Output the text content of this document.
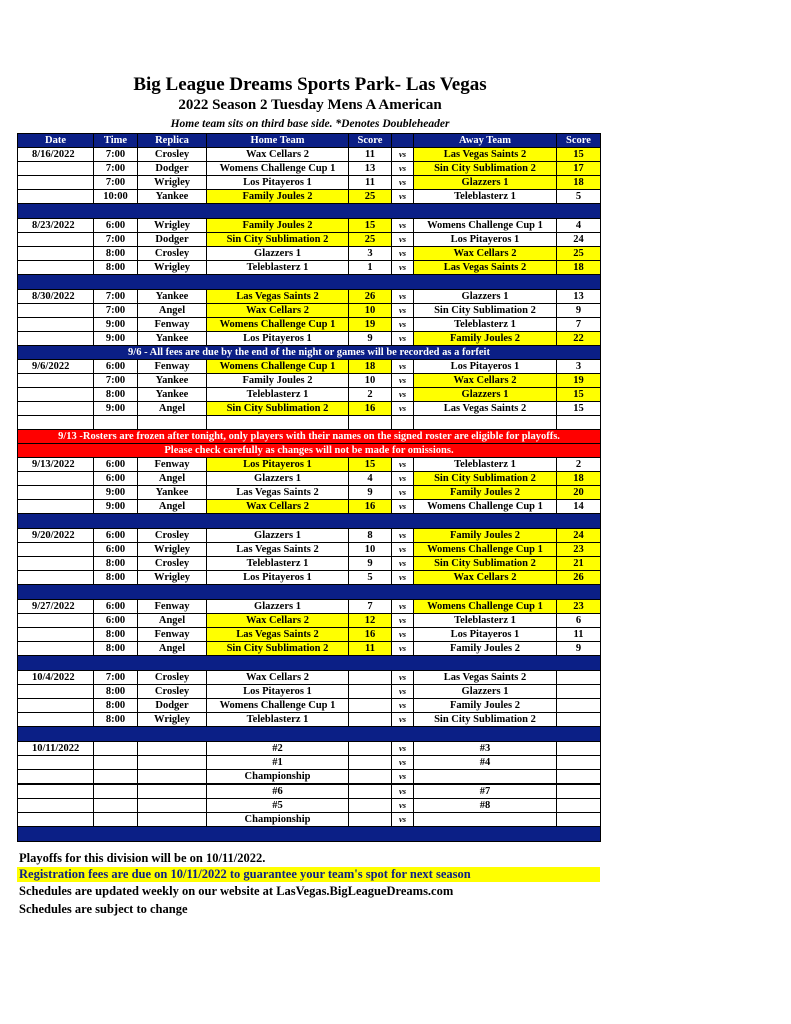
Big League Dreams Sports Park- Las Vegas
2022 Season 2 Tuesday Mens A American
Home team sits on third base side. *Denotes Doubleheader
Date	Time	Replica	Home Team	Score		Away Team	Score
8/16/2022	7:00	Crosley	Wax Cellars 2	11	vs	Las Vegas Saints 2	15
	7:00	Dodger	Womens Challenge Cup 1	13	vs	Sin City Sublimation 2	17
	7:00	Wrigley	Los Pitayeros 1	11	vs	Glazzers 1	18
	10:00	Yankee	Family Joules 2	25	vs	Teleblasterz 1	5

8/23/2022	6:00	Wrigley	Family Joules 2	15	vs	Womens Challenge Cup 1	4
	7:00	Dodger	Sin City Sublimation 2	25	vs	Los Pitayeros 1	24
	8:00	Crosley	Glazzers 1	3	vs	Wax Cellars 2	25
	8:00	Wrigley	Teleblasterz 1	1	vs	Las Vegas Saints 2	18

8/30/2022	7:00	Yankee	Las Vegas Saints 2	26	vs	Glazzers 1	13
	7:00	Angel	Wax Cellars 2	10	vs	Sin City Sublimation 2	9
	9:00	Fenway	Womens Challenge Cup 1	19	vs	Teleblasterz 1	7
	9:00	Yankee	Los Pitayeros 1	9	vs	Family Joules 2	22
9/6 - All fees are due by the end of the night or games will be recorded as a forfeit							
9/6/2022	6:00	Fenway	Womens Challenge Cup 1	18	vs	Los Pitayeros 1	3
	7:00	Yankee	Family Joules 2	10	vs	Wax Cellars 2	19
	8:00	Yankee	Teleblasterz 1	2	vs	Glazzers 1	15
	9:00	Angel	Sin City Sublimation 2	16	vs	Las Vegas Saints 2	15

9/13 -Rosters are frozen after tonight, only players with their names on the signed roster are eligible for playoffs.							
Please check carefully as changes will not be made for omissions.							
9/13/2022	6:00	Fenway	Los Pitayeros 1	15	vs	Teleblasterz 1	2
	6:00	Angel	Glazzers 1	4	vs	Sin City Sublimation 2	18
	9:00	Yankee	Las Vegas Saints 2	9	vs	Family Joules 2	20
	9:00	Angel	Wax Cellars 2	16	vs	Womens Challenge Cup 1	14

9/20/2022	6:00	Crosley	Glazzers 1	8	vs	Family Joules 2	24
	6:00	Wrigley	Las Vegas Saints 2	10	vs	Womens Challenge Cup 1	23
	8:00	Crosley	Teleblasterz 1	9	vs	Sin City Sublimation 2	21
	8:00	Wrigley	Los Pitayeros 1	5	vs	Wax Cellars 2	26

9/27/2022	6:00	Fenway	Glazzers 1	7	vs	Womens Challenge Cup 1	23
	6:00	Angel	Wax Cellars 2	12	vs	Teleblasterz 1	6
	8:00	Fenway	Las Vegas Saints 2	16	vs	Los Pitayeros 1	11
	8:00	Angel	Sin City Sublimation 2	11	vs	Family Joules 2	9

10/4/2022	7:00	Crosley	Wax Cellars 2		vs	Las Vegas Saints 2	
	8:00	Crosley	Los Pitayeros 1		vs	Glazzers 1	
	8:00	Dodger	Womens Challenge Cup 1		vs	Family Joules 2	
	8:00	Wrigley	Teleblasterz 1		vs	Sin City Sublimation 2	

10/11/2022			#2		vs	#3	
			#1		vs	#4	
			Championship		vs		
			#6		vs	#7	
			#5		vs	#8	
			Championship		vs		

Playoffs for this division will be on 10/11/2022.
Registration fees are due on 10/11/2022 to guarantee your team's spot for next season
Schedules are updated weekly on our website at LasVegas.BigLeagueDreams.com
Schedules are subject to change
